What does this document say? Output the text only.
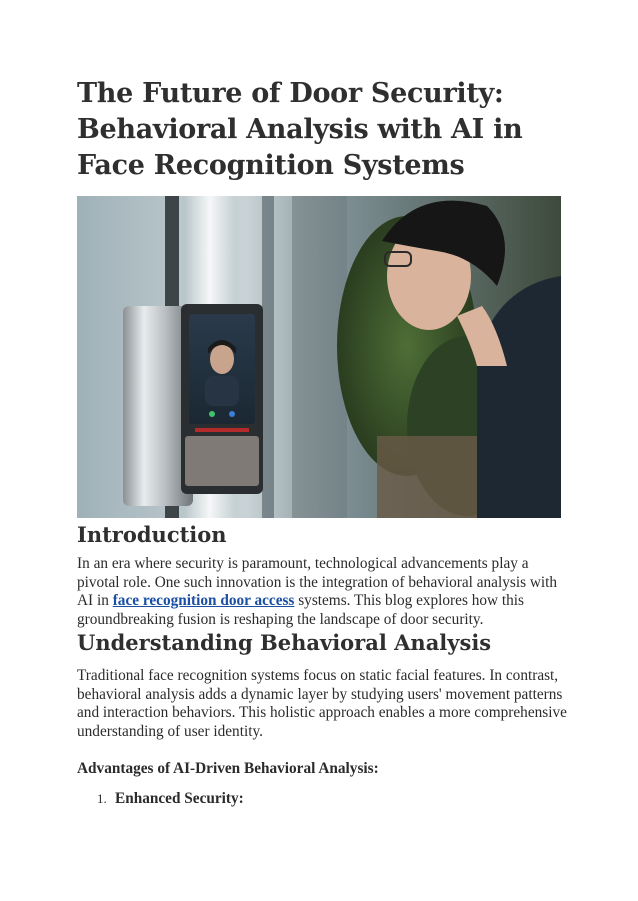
The Future of Door Security: Behavioral Analysis with AI in Face Recognition Systems
Introduction

In an era where security is paramount, technological advancements play a pivotal role. One such innovation is the integration of behavioral analysis with AI in face recognition door access systems. This blog explores how this groundbreaking fusion is reshaping the landscape of door security.

Understanding Behavioral Analysis

Traditional face recognition systems focus on static facial features. In contrast, behavioral analysis adds a dynamic layer by studying users' movement patterns and interaction behaviors. This holistic approach enables a more comprehensive understanding of user identity.

Advantages of AI-Driven Behavioral Analysis:
1. Enhanced Security:
